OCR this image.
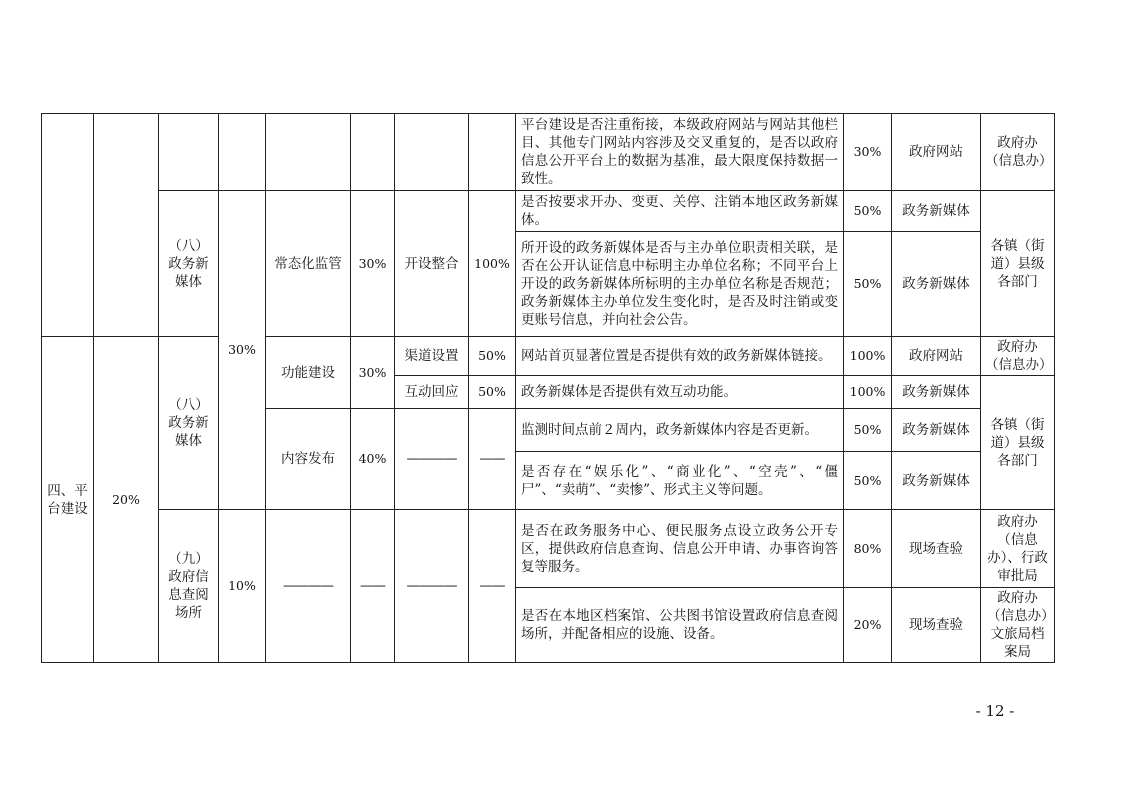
								平台建设是否注重衔接，本级政府网站与网站其他栏目、其他专门网站内容涉及交叉重复的，是否以政府信息公开平台上的数据为基准，最大限度保持数据一致性。	30%	政府网站	政府办（信息办）
		（八）政务新媒体	30%	常态化监管	30%	开设整合	100%	是否按要求开办、变更、关停、注销本地区政务新媒体。	50%	政务新媒体	各镇（街道）县级各部门
								所开设的政务新媒体是否与主办单位职责相关联，是否在公开认证信息中标明主办单位名称；不同平台上开设的政务新媒体所标明的主办单位名称是否规范；政务新媒体主办单位发生变化时，是否及时注销或变更账号信息，并向社会公告。	50%	政务新媒体	
四、平台建设	20%	（八）政务新媒体		功能建设	30%	渠道设置	50%	网站首页显著位置是否提供有效的政务新媒体链接。	100%	政府网站	政府办（信息办）
						互动回应	50%	政务新媒体是否提供有效互动功能。	100%	政务新媒体	各镇（街道）县级各部门
				内容发布	40%	————	——	监测时间点前２周内，政务新媒体内容是否更新。	50%	政务新媒体	
								是否存在“娱乐化”、“商业化”、“空壳”、“僵尸”、“卖萌”、“卖惨”、形式主义等问题。	50%	政务新媒体	
		（九）政府信息查阅场所	10%	————	——	————	——	是否在政务服务中心、便民服务点设立政务公开专区，提供政府信息查询、信息公开申请、办事咨询答复等服务。	80%	现场查验	政府办（信息办）、行政审批局
								是否在本地区档案馆、公共图书馆设置政府信息查阅场所，并配备相应的设施、设备。	20%	现场查验	政府办（信息办）文旅局档案局
- 12 -
